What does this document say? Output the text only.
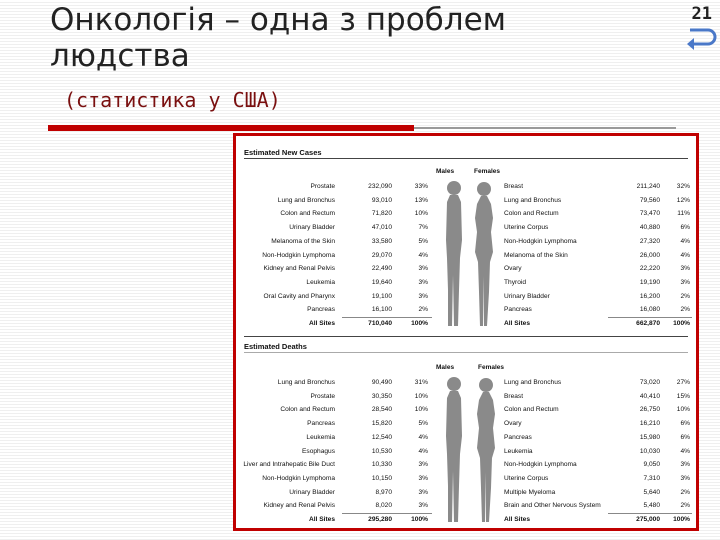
Онкологія – одна з проблем
людства
(статистика у США)
21
Estimated New Cases
Males	Females
Prostate	232,090	33%	Breast	211,240	32%
Lung and Bronchus	93,010	13%	Lung and Bronchus	79,560	12%
Colon and Rectum	71,820	10%	Colon and Rectum	73,470	11%
Urinary Bladder	47,010	7%	Uterine Corpus	40,880	6%
Melanoma of the Skin	33,580	5%	Non-Hodgkin Lymphoma	27,320	4%
Non-Hodgkin Lymphoma	29,070	4%	Melanoma of the Skin	26,000	4%
Kidney and Renal Pelvis	22,490	3%	Ovary	22,220	3%
Leukemia	19,640	3%	Thyroid	19,190	3%
Oral Cavity and Pharynx	19,100	3%	Urinary Bladder	16,200	2%
Pancreas	16,100	2%	Pancreas	16,080	2%
All Sites	710,040	100%	All Sites	662,870	100%
Estimated Deaths
Males	Females
Lung and Bronchus	90,490	31%	Lung and Bronchus	73,020	27%
Prostate	30,350	10%	Breast	40,410	15%
Colon and Rectum	28,540	10%	Colon and Rectum	26,750	10%
Pancreas	15,820	5%	Ovary	16,210	6%
Leukemia	12,540	4%	Pancreas	15,980	6%
Esophagus	10,530	4%	Leukemia	10,030	4%
Liver and Intrahepatic Bile Duct	10,330	3%	Non-Hodgkin Lymphoma	9,050	3%
Non-Hodgkin Lymphoma	10,150	3%	Uterine Corpus	7,310	3%
Urinary Bladder	8,970	3%	Multiple Myeloma	5,640	2%
Kidney and Renal Pelvis	8,020	3%	Brain and Other Nervous System	5,480	2%
All Sites	295,280	100%	All Sites	275,000	100%
